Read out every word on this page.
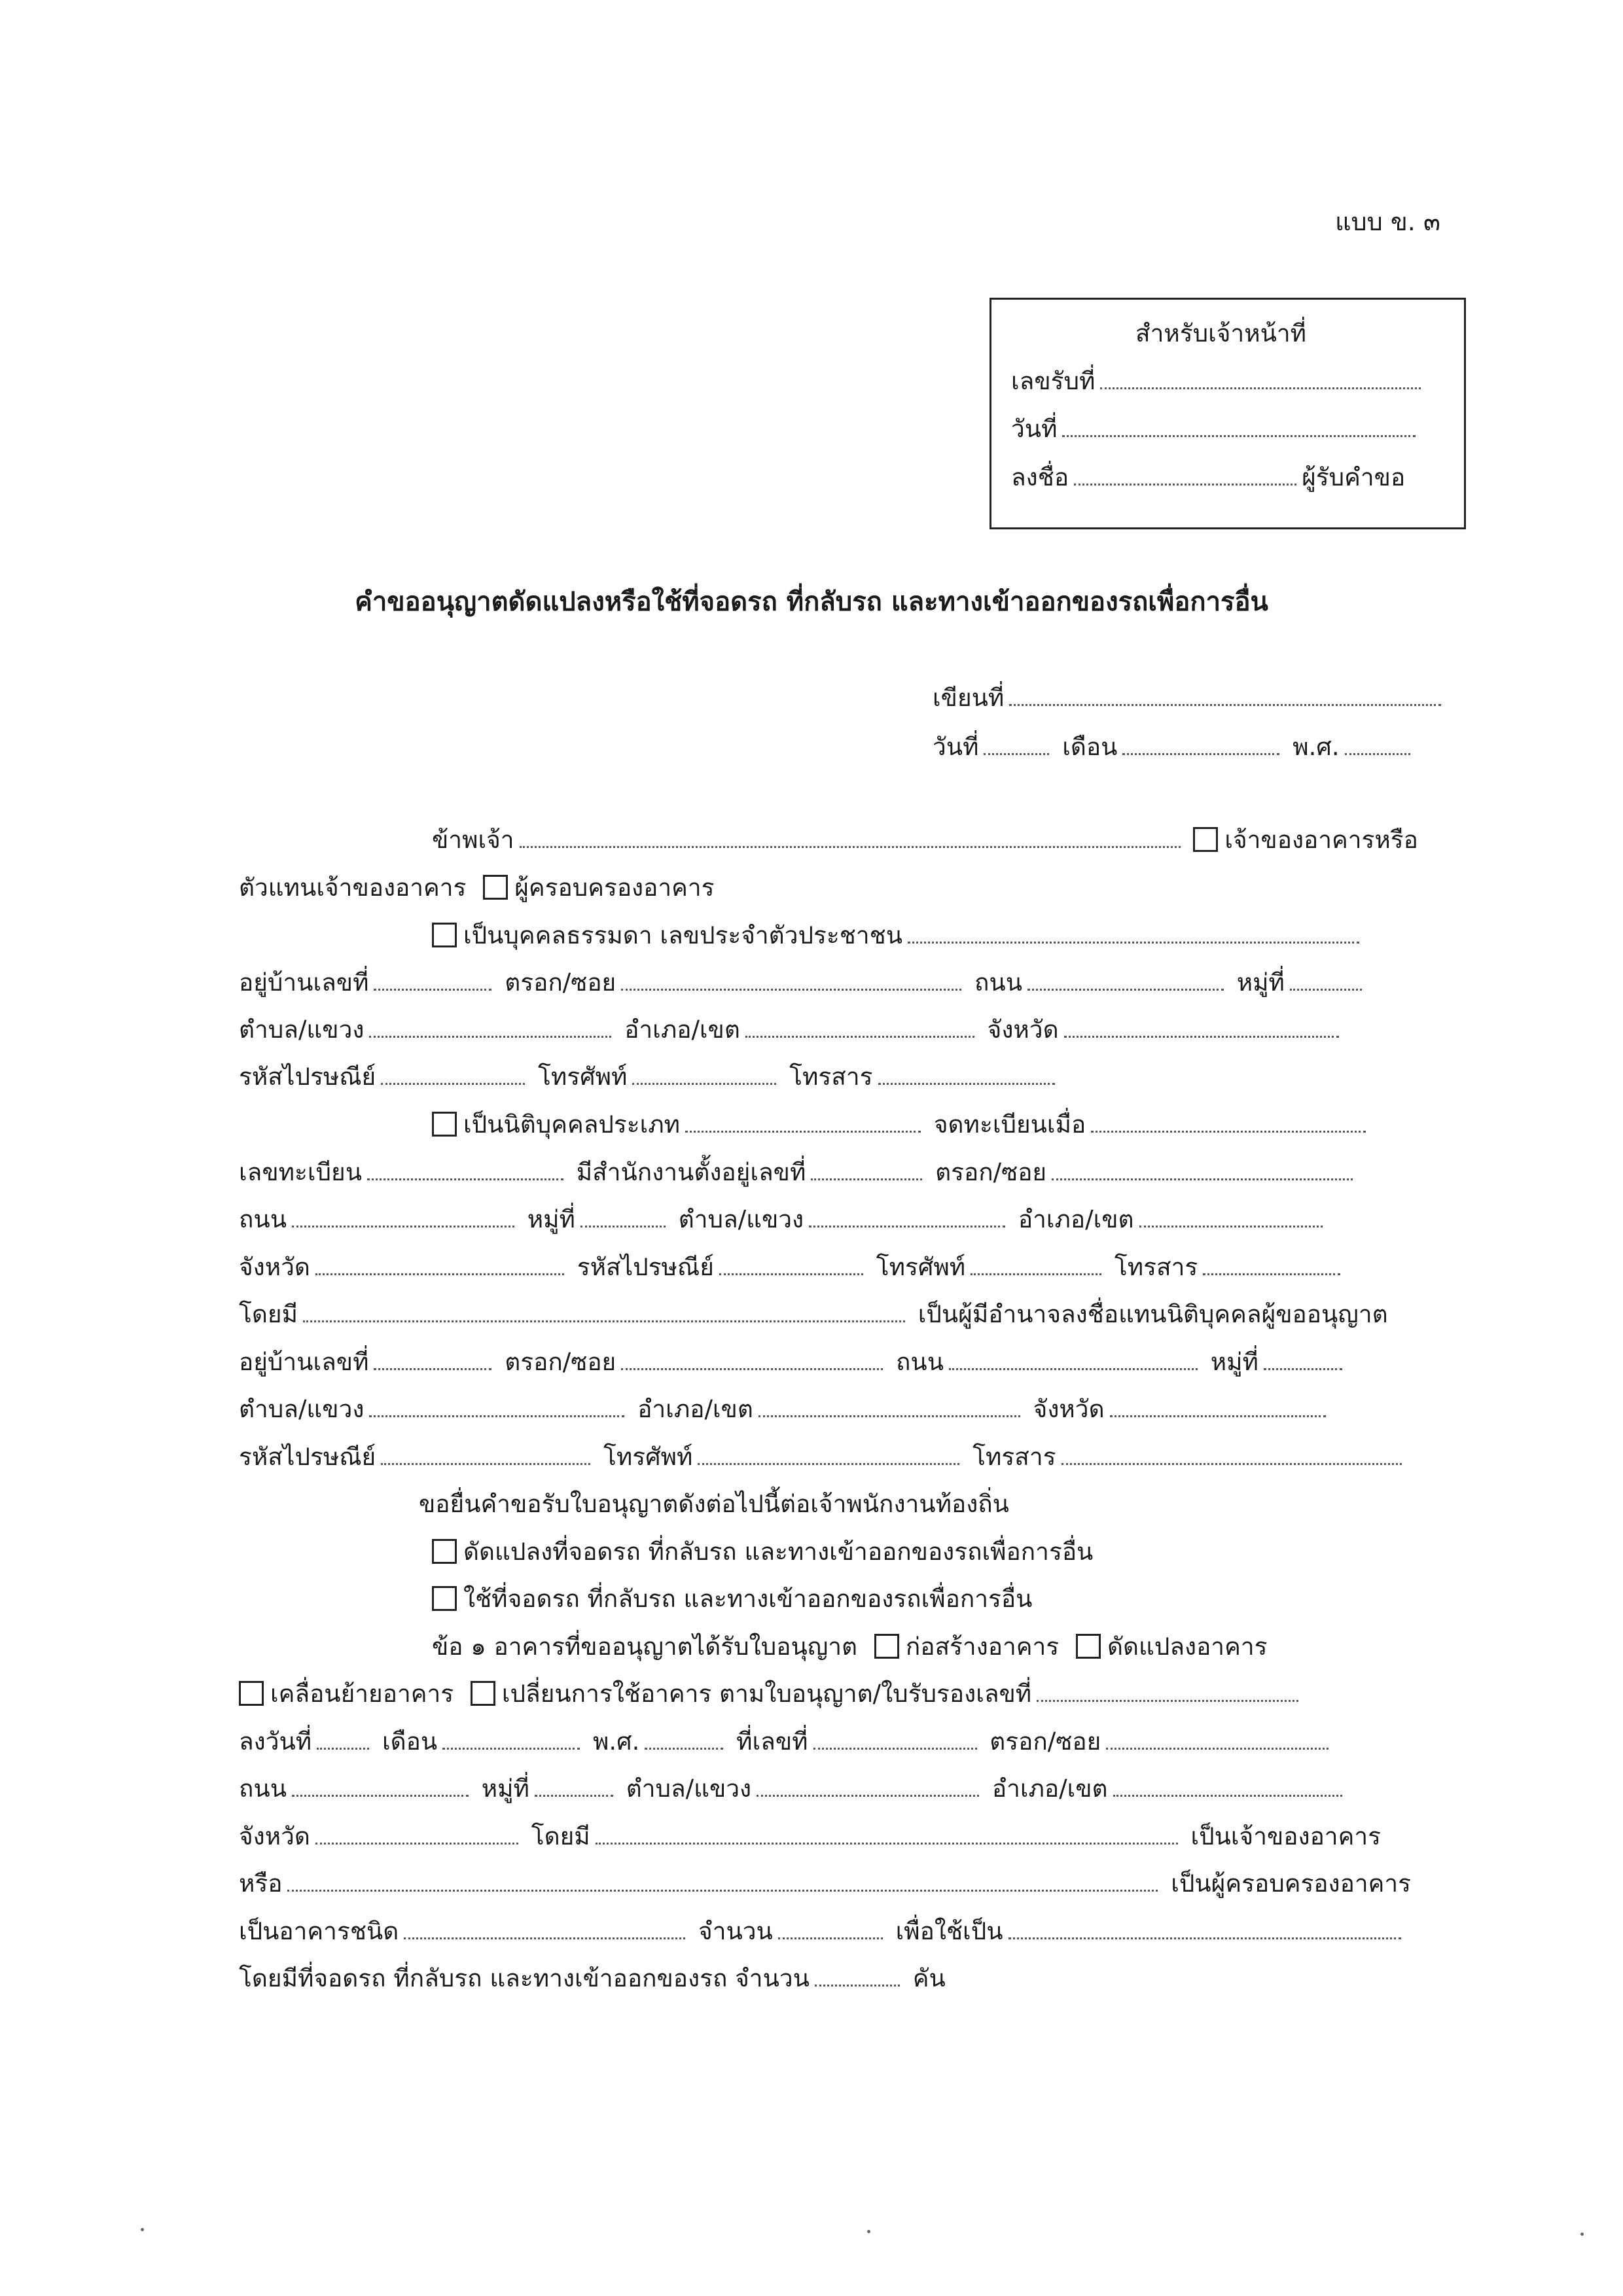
แบบ ข. ๓
สำหรับเจ้าหน้าที่
เลขรับที่
วันที่
ลงชื่อ	ผู้รับคำขอ
คำขออนุญาตดัดแปลงหรือใช้ที่จอดรถ ที่กลับรถ และทางเข้าออกของรถเพื่อการอื่น
เขียนที่
วันที่	เดือน	พ.ศ.
ข้าพเจ้า	เจ้าของอาคารหรือ
ตัวแทนเจ้าของอาคาร ผู้ครอบครองอาคาร
เป็นบุคคลธรรมดา เลขประจำตัวประชาชน
อยู่บ้านเลขที่	ตรอก/ซอย	ถนน	หมู่ที่
ตำบล/แขวง	อำเภอ/เขต	จังหวัด
รหัสไปรษณีย์	โทรศัพท์	โทรสาร
เป็นนิติบุคคลประเภท	จดทะเบียนเมื่อ
เลขทะเบียน	มีสำนักงานตั้งอยู่เลขที่	ตรอก/ซอย
ถนน	หมู่ที่	ตำบล/แขวง	อำเภอ/เขต
จังหวัด	รหัสไปรษณีย์	โทรศัพท์	โทรสาร
โดยมี	เป็นผู้มีอำนาจลงชื่อแทนนิติบุคคลผู้ขออนุญาต
อยู่บ้านเลขที่	ตรอก/ซอย	ถนน	หมู่ที่
ตำบล/แขวง	อำเภอ/เขต	จังหวัด
รหัสไปรษณีย์	โทรศัพท์	โทรสาร
ขอยื่นคำขอรับใบอนุญาตดังต่อไปนี้ต่อเจ้าพนักงานท้องถิ่น
ดัดแปลงที่จอดรถ ที่กลับรถ และทางเข้าออกของรถเพื่อการอื่น
ใช้ที่จอดรถ ที่กลับรถ และทางเข้าออกของรถเพื่อการอื่น
ข้อ ๑ อาคารที่ขออนุญาตได้รับใบอนุญาต ก่อสร้างอาคาร ดัดแปลงอาคาร
เคลื่อนย้ายอาคาร เปลี่ยนการใช้อาคาร ตามใบอนุญาต/ใบรับรองเลขที่
ลงวันที่	เดือน	พ.ศ.	ที่เลขที่	ตรอก/ซอย
ถนน	หมู่ที่	ตำบล/แขวง	อำเภอ/เขต
จังหวัด	โดยมี	เป็นเจ้าของอาคาร
หรือ	เป็นผู้ครอบครองอาคาร
เป็นอาคารชนิด	จำนวน	เพื่อใช้เป็น
โดยมีที่จอดรถ ที่กลับรถ และทางเข้าออกของรถ จำนวน	คัน
